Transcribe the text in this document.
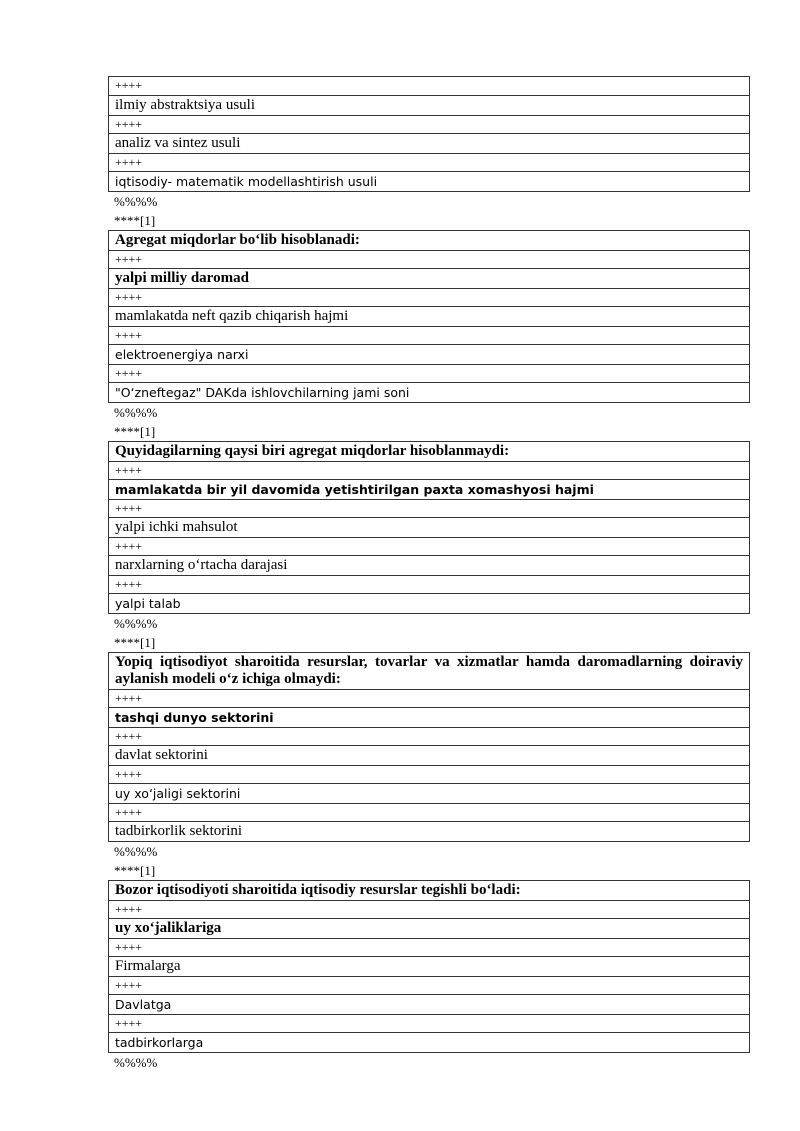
++++
ilmiy abstraktsiya usuli
++++
analiz va sintez usuli
++++
iqtisodiy- matematik modellashtirish usuli
%%%%
****[1]
Agregat miqdorlar bo‘lib hisoblanadi:
++++
yalpi milliy daromad
++++
mamlakatda neft qazib chiqarish hajmi
++++
elektroenergiya narxi
++++
"O‘zneftegaz" DAKda ishlovchilarning jami soni
%%%%
****[1]
Quyidagilarning qaysi biri agregat miqdorlar hisoblanmaydi:
++++
mamlakatda bir yil davomida yetishtirilgan paxta xomashyosi hajmi
++++
yalpi ichki mahsulot
++++
narxlarning o‘rtacha darajasi
++++
yalpi talab
%%%%
****[1]
Yopiq iqtisodiyot sharoitida resurslar, tovarlar va xizmatlar hamda daromadlarning doiraviy aylanish modeli o‘z ichiga olmaydi:
++++
tashqi dunyo sektorini
++++
davlat sektorini
++++
uy xo‘jaligi sektorini
++++
tadbirkorlik sektorini
%%%%
****[1]
Bozor iqtisodiyoti sharoitida iqtisodiy resurslar tegishli bo‘ladi:
++++
uy xo‘jaliklariga
++++
Firmalarga
++++
Davlatga
++++
tadbirkorlarga
%%%%
